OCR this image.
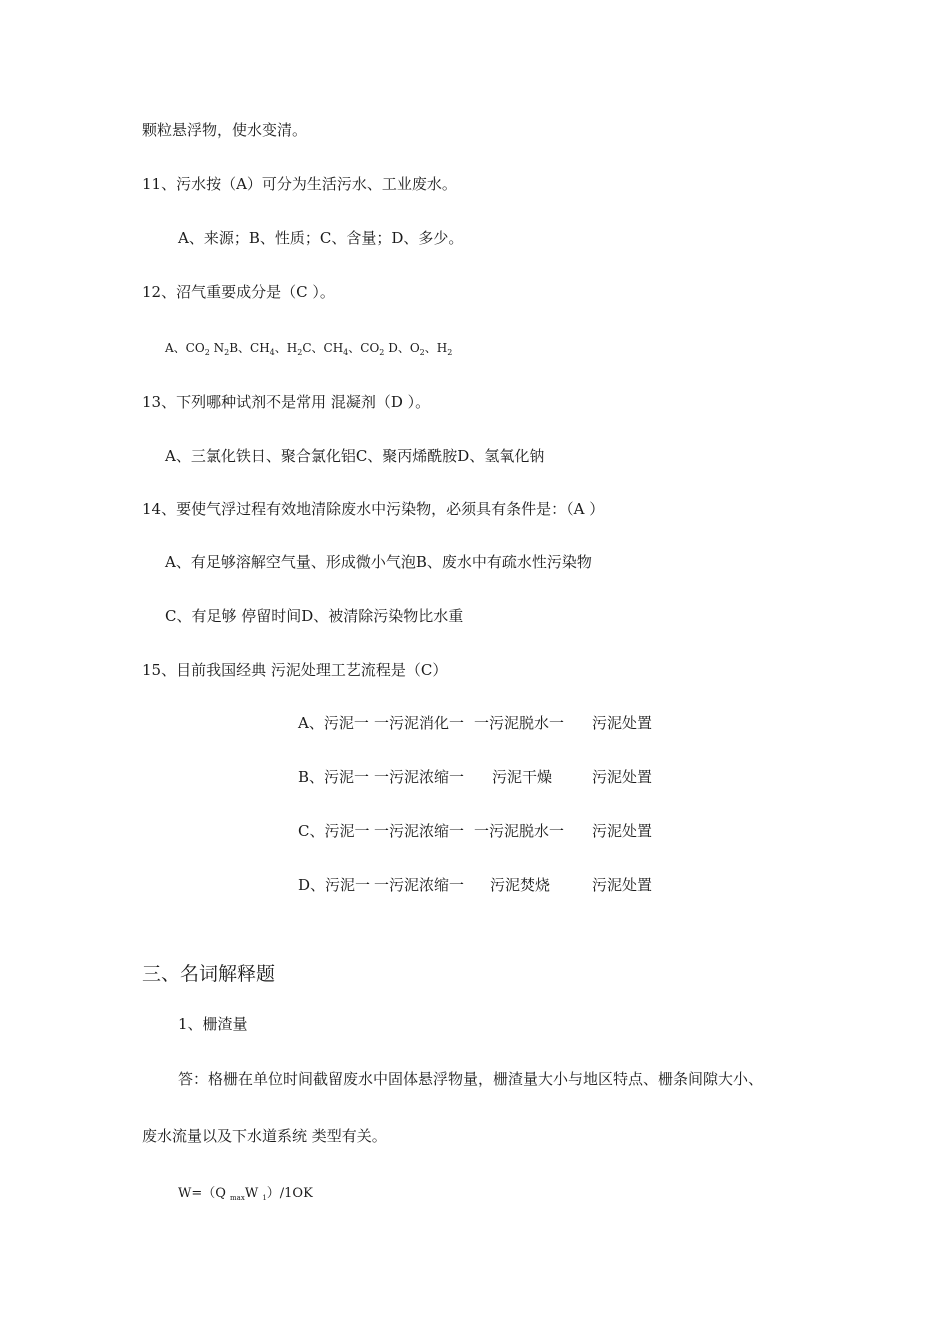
颗粒悬浮物，使水变清。
11、污水按（A）可分为生活污水、工业废水。
A、来源；B、性质；C、含量；D、多少。
12、沼气重要成分是（C ）。
A、$CO_2$ $N_2B$、$CH_4$、$H_2C$、$CH_4$、$CO_2$ D、$O_2$、$H_2$
13、下列哪种试剂不是常用 混凝剂（D ）。
A、三氯化铁日、聚合氯化铝C、聚丙烯酰胺D、氢氧化钠
14、要使气浮过程有效地清除废水中污染物，必须具有条件是：（A ）
A、有足够溶解空气量、形成微小气泡B、废水中有疏水性污染物
C、有足够 停留时间D、被清除污染物比水重
15、目前我国经典 污泥处理工艺流程是（C）
A、污泥一 一污泥消化一 一污泥脱水一 污泥处置
B、污泥一 一污泥浓缩一 污泥干燥	污泥处置
C、污泥一 一污泥浓缩一 一污泥脱水一 污泥处置
D、污泥一 一污泥浓缩一 污泥焚烧	污泥处置
三、名词解释题
1、栅渣量
答：格栅在单位时间截留废水中固体悬浮物量，栅渣量大小与地区特点、栅条间隙大小、
废水流量以及下水道系统 类型有关。
W=（Q $_{max}$W $_1$）/1OK
